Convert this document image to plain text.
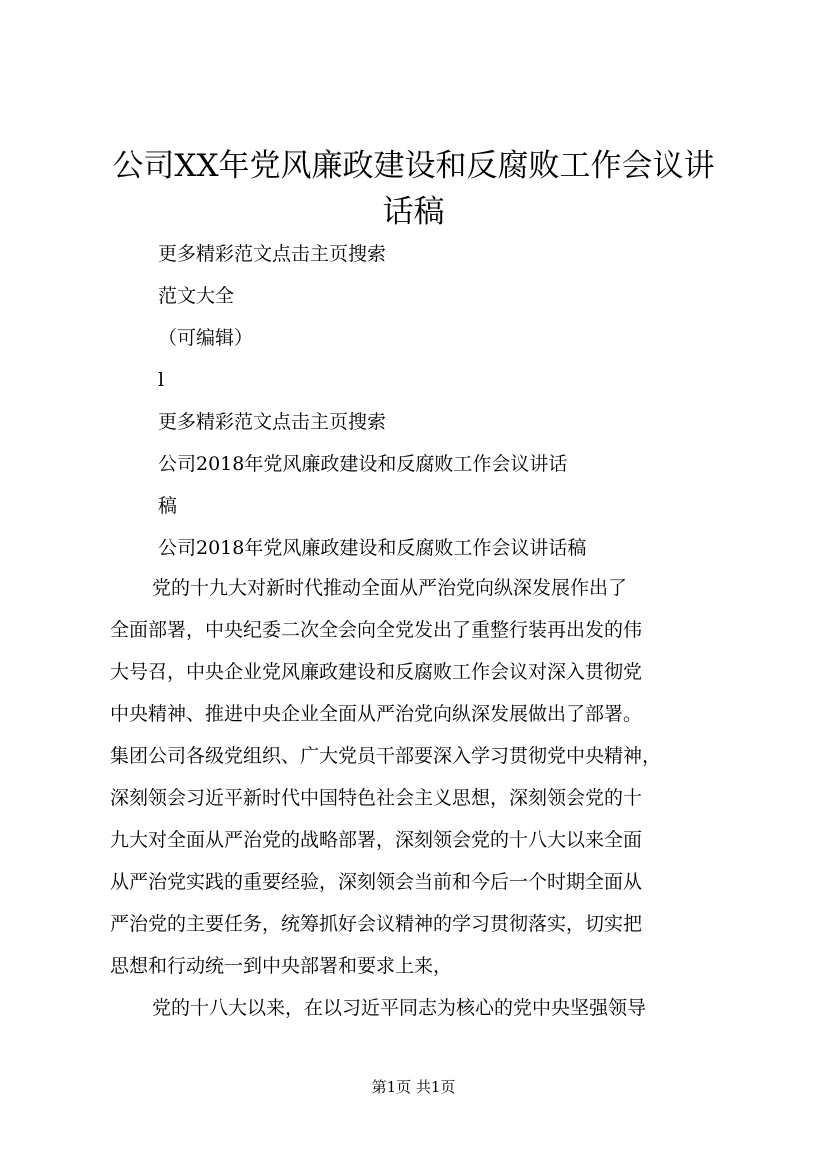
公司XX年党风廉政建设和反腐败工作会议讲
话稿
更多精彩范文点击主页搜索
范文大全
（可编辑）
l
更多精彩范文点击主页搜索
公司2018年党风廉政建设和反腐败工作会议讲话
稿
公司2018年党风廉政建设和反腐败工作会议讲话稿
党的十九大对新时代推动全面从严治党向纵深发展作出了
全面部署，中央纪委二次全会向全党发出了重整行装再出发的伟
大号召，中央企业党风廉政建设和反腐败工作会议对深入贯彻党
中央精神、推进中央企业全面从严治党向纵深发展做出了部署。
集团公司各级党组织、广大党员干部要深入学习贯彻党中央精神，
深刻领会习近平新时代中国特色社会主义思想，深刻领会党的十
九大对全面从严治党的战略部署，深刻领会党的十八大以来全面
从严治党实践的重要经验，深刻领会当前和今后一个时期全面从
严治党的主要任务，统筹抓好会议精神的学习贯彻落实，切实把
思想和行动统一到中央部署和要求上来，
党的十八大以来，在以习近平同志为核心的党中央坚强领导
第1页 共1页
